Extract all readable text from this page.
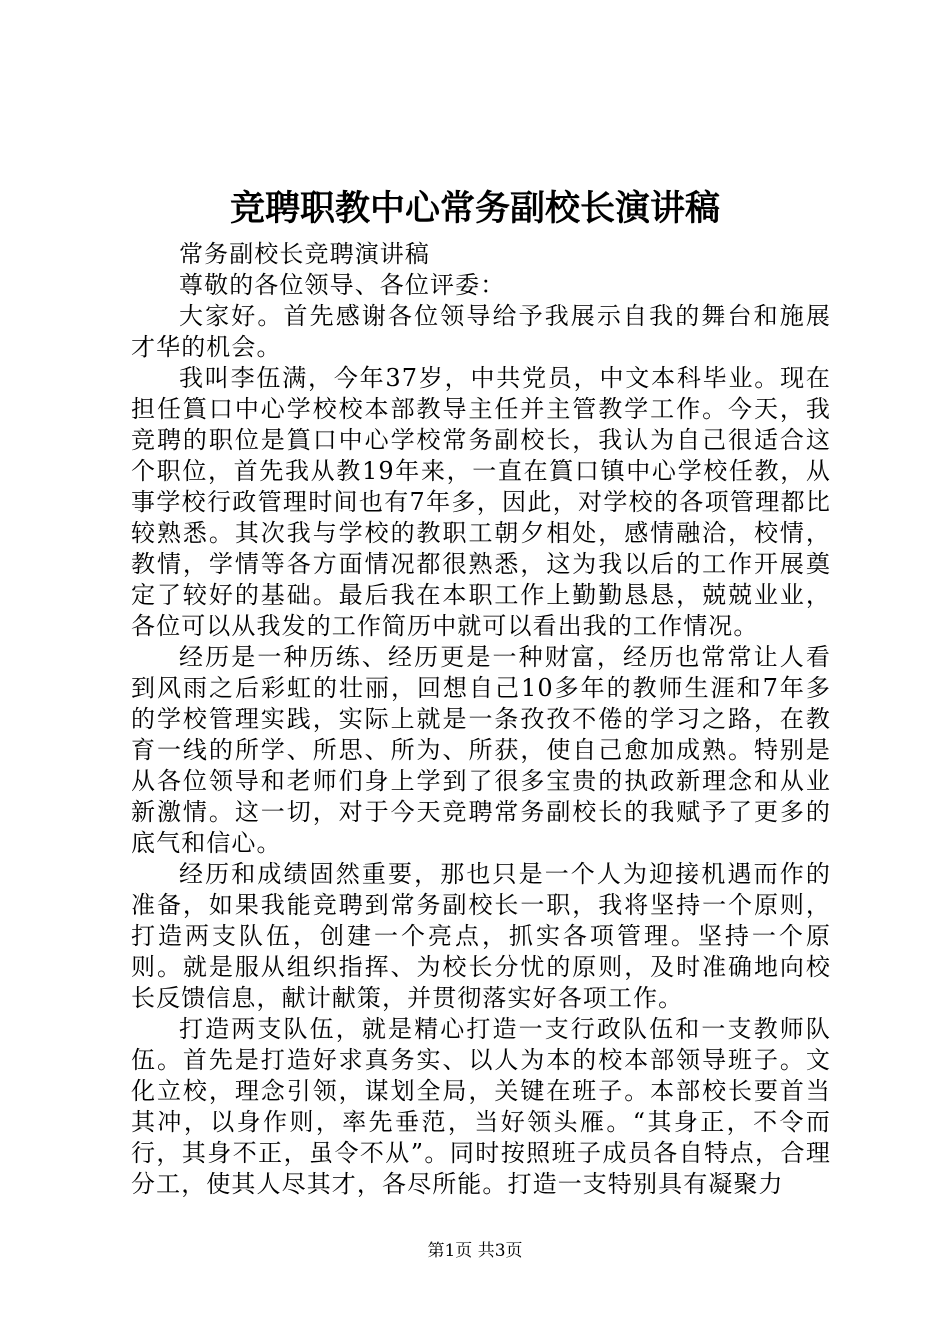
竞聘职教中心常务副校长演讲稿

常务副校长竞聘演讲稿

尊敬的各位领导、各位评委：

大家好。首先感谢各位领导给予我展示自我的舞台和施展才华的机会。

我叫李伍满，今年37岁，中共党员，中文本科毕业。现在担任篔口中心学校校本部教导主任并主管教学工作。今天，我竞聘的职位是篔口中心学校常务副校长，我认为自己很适合这个职位，首先我从教19年来，一直在篔口镇中心学校任教，从事学校行政管理时间也有7年多，因此，对学校的各项管理都比较熟悉。其次我与学校的教职工朝夕相处，感情融洽，校情，教情，学情等各方面情况都很熟悉，这为我以后的工作开展奠定了较好的基础。最后我在本职工作上勤勤恳恳，兢兢业业，各位可以从我发的工作简历中就可以看出我的工作情况。

经历是一种历练、经历更是一种财富，经历也常常让人看到风雨之后彩虹的壮丽，回想自己10多年的教师生涯和7年多的学校管理实践，实际上就是一条孜孜不倦的学习之路，在教育一线的所学、所思、所为、所获，使自己愈加成熟。特别是从各位领导和老师们身上学到了很多宝贵的执政新理念和从业新激情。这一切，对于今天竞聘常务副校长的我赋予了更多的底气和信心。

经历和成绩固然重要，那也只是一个人为迎接机遇而作的准备，如果我能竞聘到常务副校长一职，我将坚持一个原则，打造两支队伍，创建一个亮点，抓实各项管理。坚持一个原则。就是服从组织指挥、为校长分忧的原则，及时准确地向校长反馈信息，献计献策，并贯彻落实好各项工作。

打造两支队伍，就是精心打造一支行政队伍和一支教师队伍。首先是打造好求真务实、以人为本的校本部领导班子。文化立校，理念引领，谋划全局，关键在班子。本部校长要首当其冲，以身作则，率先垂范，当好领头雁。“其身正，不令而行，其身不正，虽令不从”。同时按照班子成员各自特点，合理分工，使其人尽其才，各尽所能。打造一支特别具有凝聚力

第1页 共3页
